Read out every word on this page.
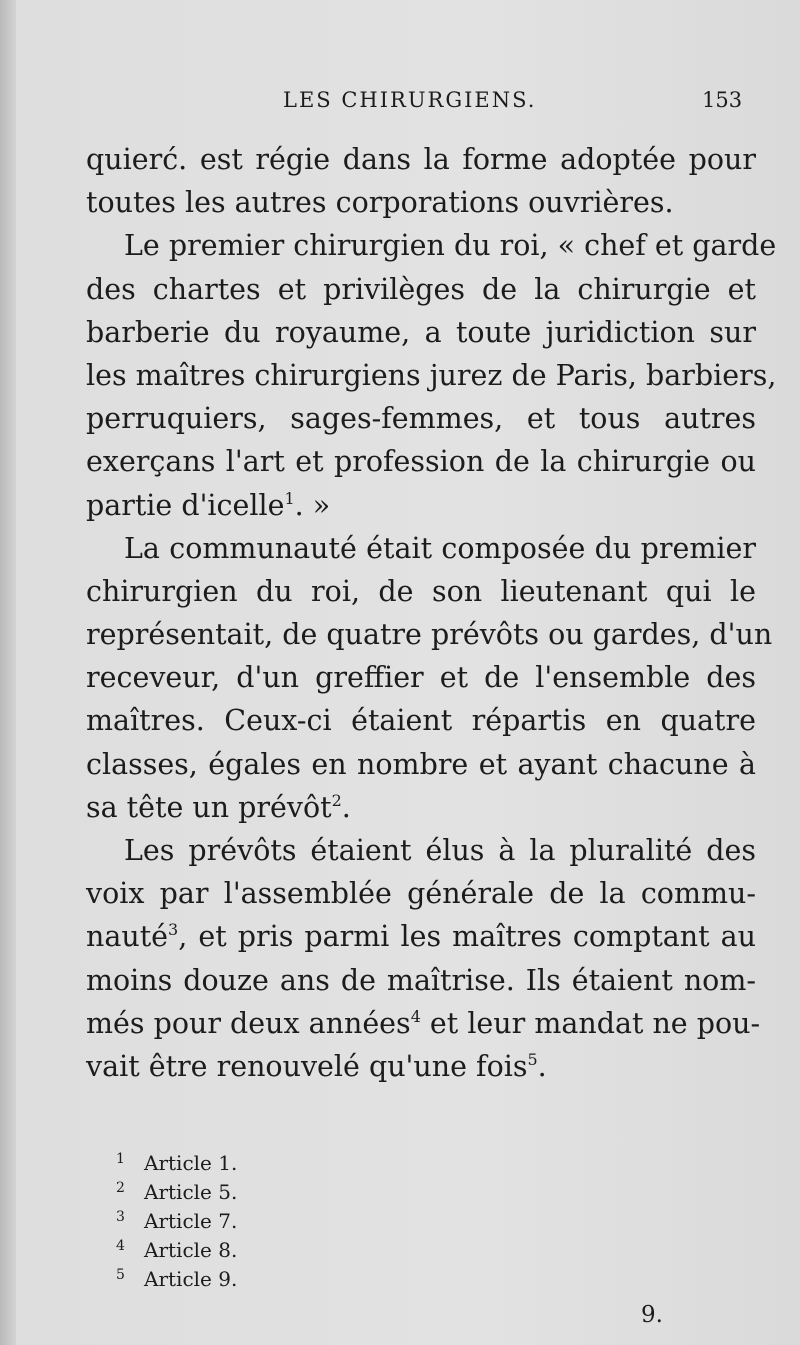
LES CHIRURGIENS.	153
quierć. est régie dans la forme adoptée pour
toutes les autres corporations ouvrières.
Le premier chirurgien du roi, « chef et garde
des chartes et privilèges de la chirurgie et
barberie du royaume, a toute juridiction sur
les maîtres chirurgiens jurez de Paris, barbiers,
perruquiers, sages-femmes, et tous autres
exerçans l'art et profession de la chirurgie ou
partie d'icelle$^1$. »
La communauté était composée du premier
chirurgien du roi, de son lieutenant qui le
représentait, de quatre prévôts ou gardes, d'un
receveur, d'un greffier et de l'ensemble des
maîtres. Ceux-ci étaient répartis en quatre
classes, égales en nombre et ayant chacune à
sa tête un prévôt$^2$.
Les prévôts étaient élus à la pluralité des
voix par l'assemblée générale de la commu-
nauté$^3$, et pris parmi les maîtres comptant au
moins douze ans de maîtrise. Ils étaient nom-
més pour deux années$^4$ et leur mandat ne pou-
vait être renouvelé qu'une fois$^5$.
1 Article 1.
2 Article 5.
3 Article 7.
4 Article 8.
5 Article 9.
9.
